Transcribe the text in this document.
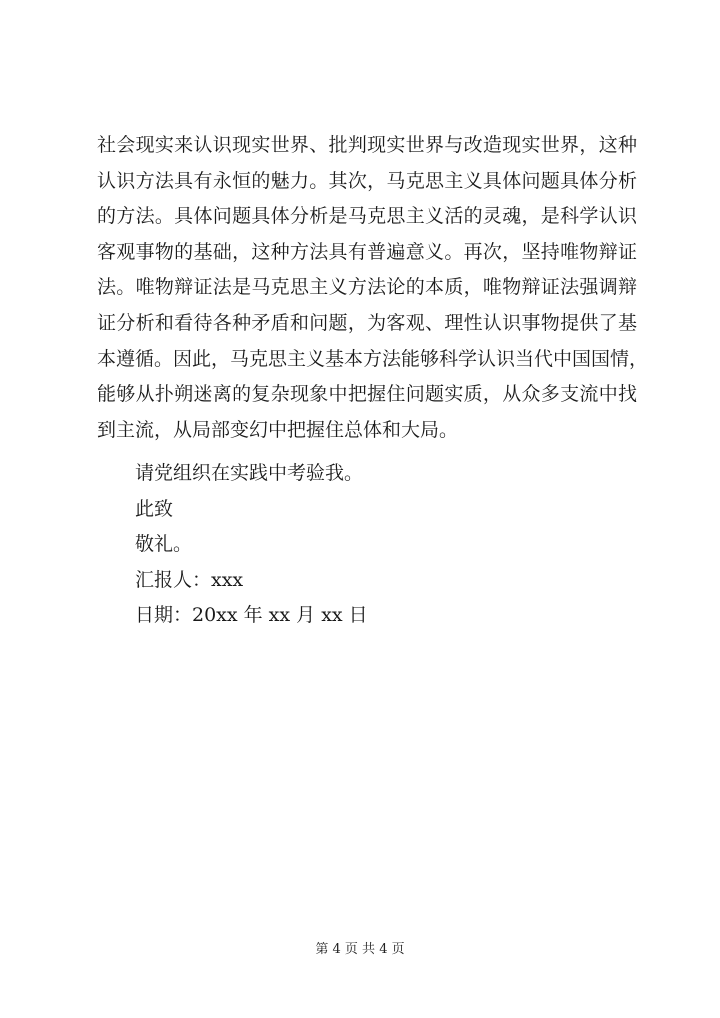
社会现实来认识现实世界、批判现实世界与改造现实世界，这种
认识方法具有永恒的魅力。其次，马克思主义具体问题具体分析
的方法。具体问题具体分析是马克思主义活的灵魂，是科学认识
客观事物的基础，这种方法具有普遍意义。再次，坚持唯物辩证
法。唯物辩证法是马克思主义方法论的本质，唯物辩证法强调辩
证分析和看待各种矛盾和问题，为客观、理性认识事物提供了基
本遵循。因此，马克思主义基本方法能够科学认识当代中国国情，
能够从扑朔迷离的复杂现象中把握住问题实质，从众多支流中找
到主流，从局部变幻中把握住总体和大局。
请党组织在实践中考验我。
此致
敬礼。
汇报人：xxx
日期：20xx 年 xx 月 xx 日
第 4 页 共 4 页
